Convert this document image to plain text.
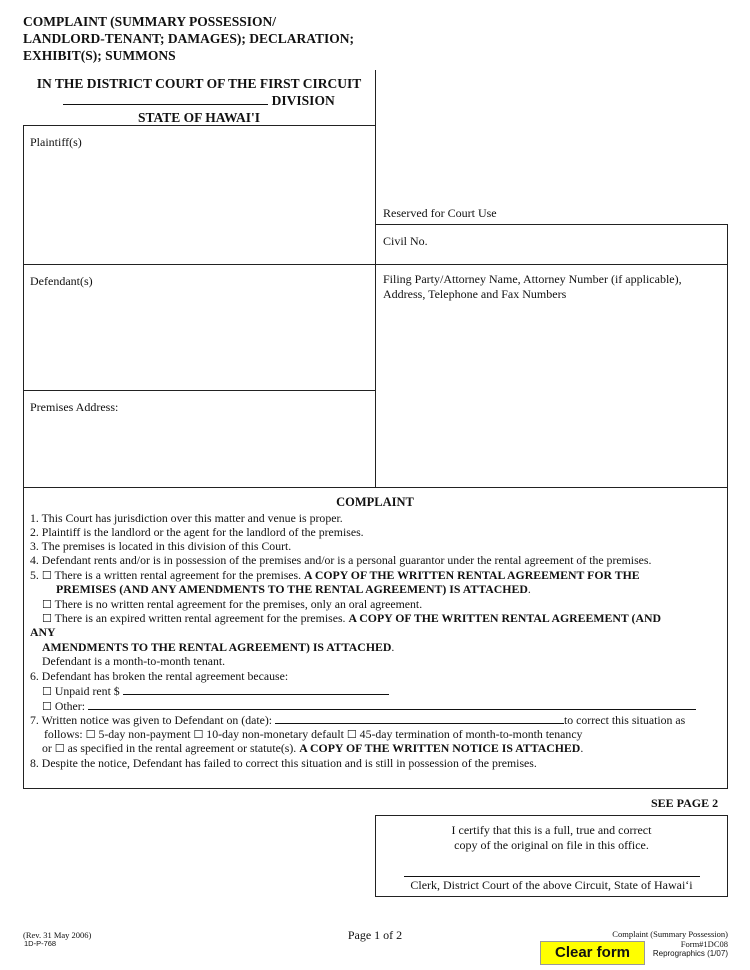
COMPLAINT (SUMMARY POSSESSION/
LANDLORD-TENANT; DAMAGES); DECLARATION;
EXHIBIT(S); SUMMONS
IN THE DISTRICT COURT OF THE FIRST CIRCUIT
DIVISION
STATE OF HAWAI'I
Plaintiff(s)
Defendant(s)
Premises Address:
Reserved for Court Use
Civil No.
Filing Party/Attorney Name, Attorney Number (if applicable),
Address, Telephone and Fax Numbers
COMPLAINT
1. This Court has jurisdiction over this matter and venue is proper.
2. Plaintiff is the landlord or the agent for the landlord of the premises.
3. The premises is located in this division of this Court.
4. Defendant rents and/or is in possession of the premises and/or is a personal guarantor under the rental agreement of the premises.
5. ☐ There is a written rental agreement for the premises. A COPY OF THE WRITTEN RENTAL AGREEMENT FOR THE
PREMISES (AND ANY AMENDMENTS TO THE RENTAL AGREEMENT) IS ATTACHED.
☐ There is no written rental agreement for the premises, only an oral agreement.
☐ There is an expired written rental agreement for the premises. A COPY OF THE WRITTEN RENTAL AGREEMENT (AND
ANY
AMENDMENTS TO THE RENTAL AGREEMENT) IS ATTACHED.
Defendant is a month-to-month tenant.
6. Defendant has broken the rental agreement because:
☐ Unpaid rent $
☐ Other:
7. Written notice was given to Defendant on (date):	to correct this situation as
follows: ☐ 5-day non-payment ☐ 10-day non-monetary default ☐ 45-day termination of month-to-month tenancy
or ☐ as specified in the rental agreement or statute(s). A COPY OF THE WRITTEN NOTICE IS ATTACHED.
8. Despite the notice, Defendant has failed to correct this situation and is still in possession of the premises.
SEE PAGE 2
I certify that this is a full, true and correct
copy of the original on file in this office.
Clerk, District Court of the above Circuit, State of Hawai‘i
(Rev. 31 May 2006)
1D-P-768
Page 1 of 2	Complaint (Summary Possession)
Form#1DC08
Reprographics (1/07)
Clear form
